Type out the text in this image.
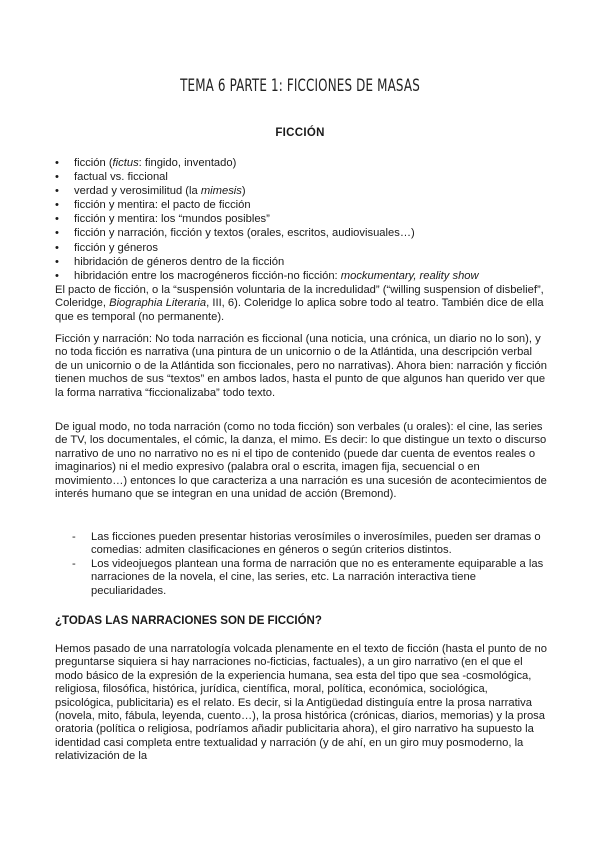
TEMA 6 PARTE 1: FICCIONES DE MASAS
FICCIÓN
• ficción (fictus: fingido, inventado)
• factual vs. ficcional
• verdad y verosimilitud (la mimesis)
• ficción y mentira: el pacto de ficción
• ficción y mentira: los “mundos posibles”
• ficción y narración, ficción y textos (orales, escritos, audiovisuales…)
• ficción y géneros
• hibridación de géneros dentro de la ficción
• hibridación entre los macrogéneros ficción-no ficción: mockumentary, reality show

El pacto de ficción, o la “suspensión voluntaria de la incredulidad” (“willing suspension of disbelief”, Coleridge, Biographia Literaria, III, 6). Coleridge lo aplica sobre todo al teatro. También dice de ella que es temporal (no permanente).

Ficción y narración: No toda narración es ficcional (una noticia, una crónica, un diario no lo son), y no toda ficción es narrativa (una pintura de un unicornio o de la Atlántida, una descripción verbal de un unicornio o de la Atlántida son ficcionales, pero no narrativas). Ahora bien: narración y ficción tienen muchos de sus “textos” en ambos lados, hasta el punto de que algunos han querido ver que la forma narrativa “ficcionalizaba” todo texto.

De igual modo, no toda narración (como no toda ficción) son verbales (u orales): el cine, las series de TV, los documentales, el cómic, la danza, el mimo. Es decir: lo que distingue un texto o discurso narrativo de uno no narrativo no es ni el tipo de contenido (puede dar cuenta de eventos reales o imaginarios) ni el medio expresivo (palabra oral o escrita, imagen fija, secuencial o en movimiento…) entonces lo que caracteriza a una narración es una sucesión de acontecimientos de interés humano que se integran en una unidad de acción (Bremond).

- Las ficciones pueden presentar historias verosímiles o inverosímiles, pueden ser dramas o comedias: admiten clasificaciones en géneros o según criterios distintos.
- Los videojuegos plantean una forma de narración que no es enteramente equiparable a las narraciones de la novela, el cine, las series, etc. La narración interactiva tiene peculiaridades.
¿TODAS LAS NARRACIONES SON DE FICCIÓN?

Hemos pasado de una narratología volcada plenamente en el texto de ficción (hasta el punto de no preguntarse siquiera si hay narraciones no-ficticias, factuales), a un giro narrativo (en el que el modo básico de la expresión de la experiencia humana, sea esta del tipo que sea -cosmológica, religiosa, filosófica, histórica, jurídica, científica, moral, política, económica, sociológica, psicológica, publicitaria) es el relato. Es decir, si la Antigüedad distinguía entre la prosa narrativa (novela, mito, fábula, leyenda, cuento…), la prosa histórica (crónicas, diarios, memorias) y la prosa oratoria (política o religiosa, podríamos añadir publicitaria ahora), el giro narrativo ha supuesto la identidad casi completa entre textualidad y narración (y de ahí, en un giro muy posmoderno, la relativización de la
